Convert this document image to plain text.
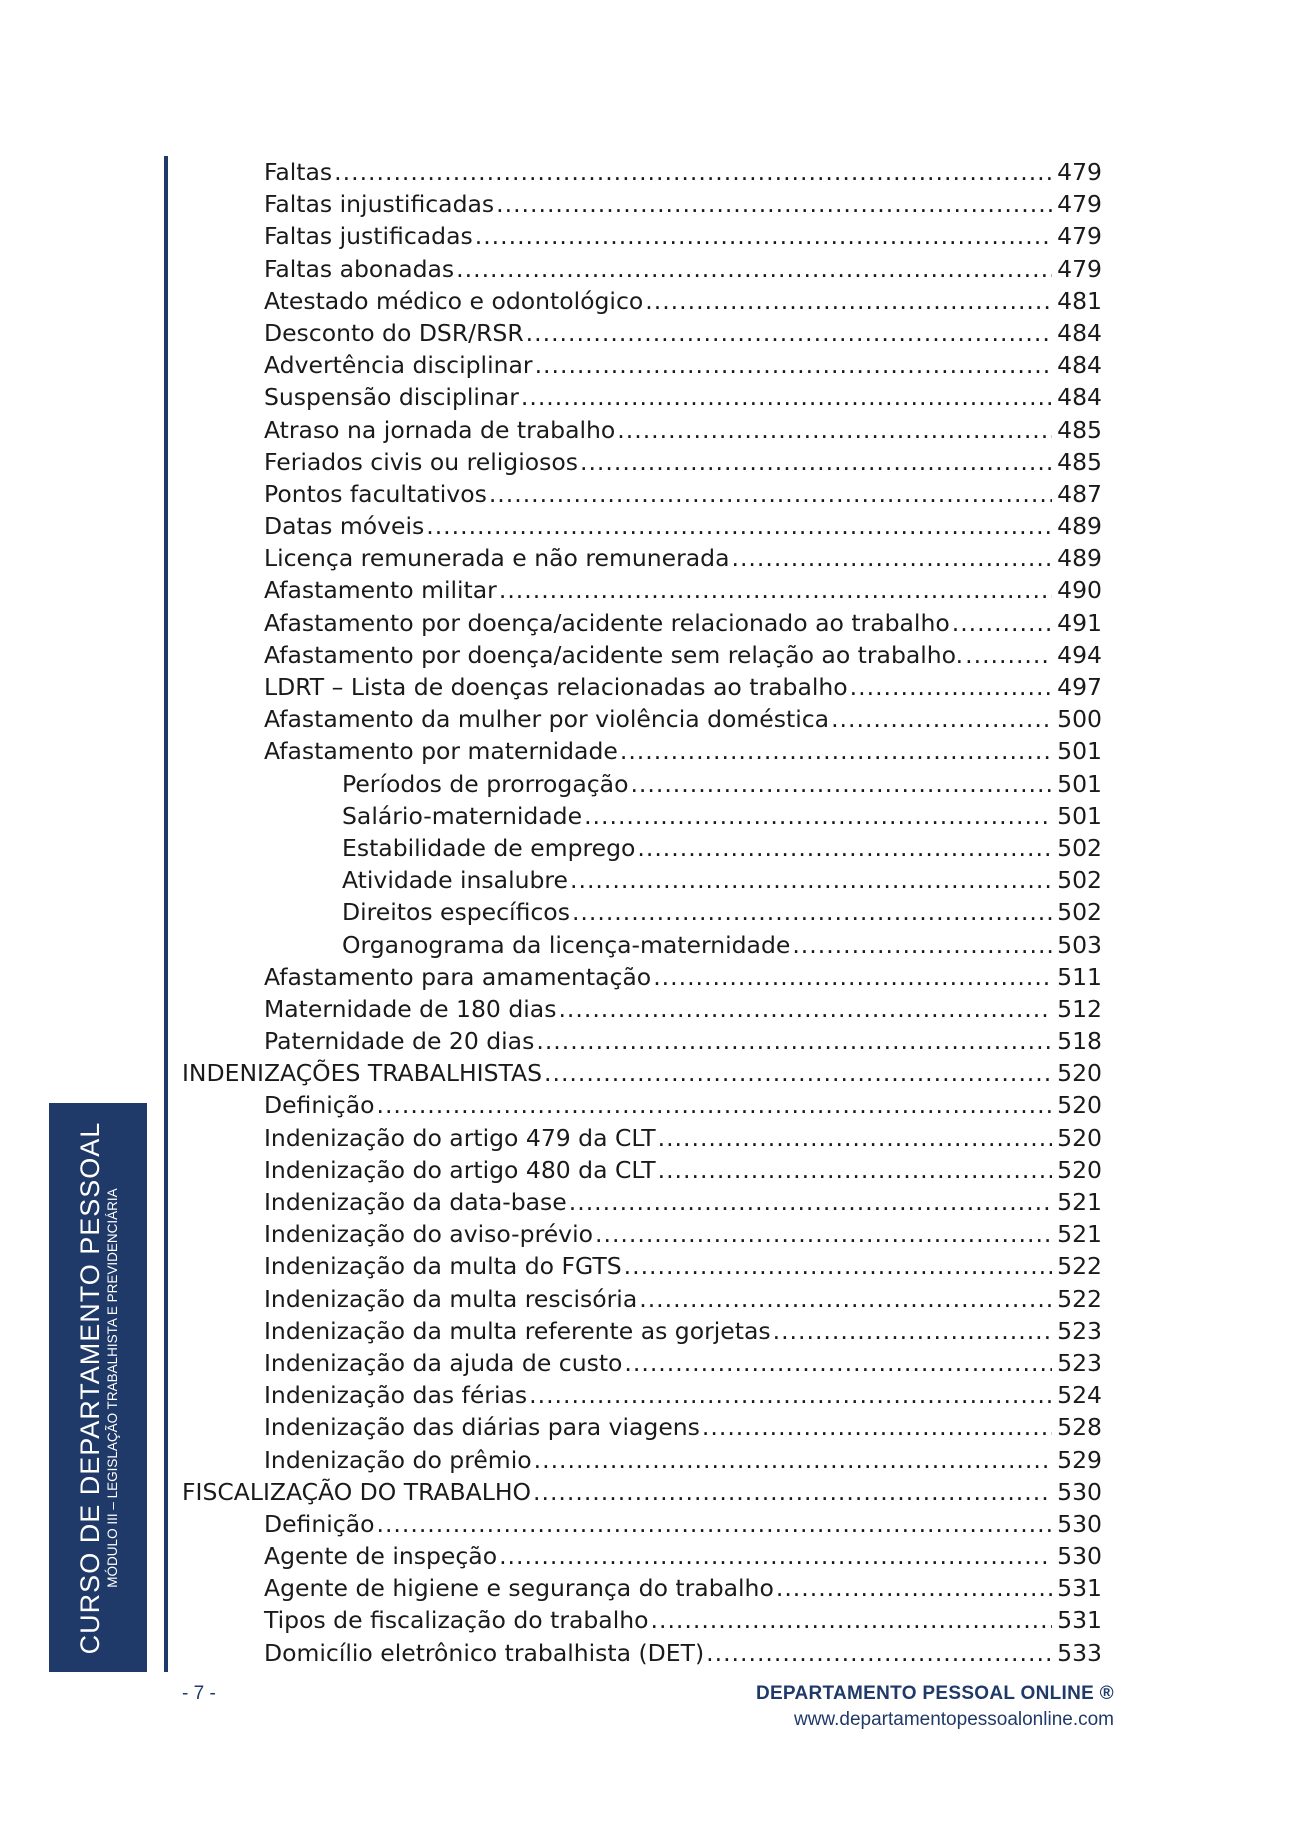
CURSO DE DEPARTAMENTO PESSOAL MÓDULO III – LEGISLAÇÃO TRABALHISTA E PREVIDENCIÁRIA
Faltas .....	479
Faltas injustificadas .....	479
Faltas justificadas .....	479
Faltas abonadas .....	479
Atestado médico e odontológico .....	481
Desconto do DSR/RSR .....	484
Advertência disciplinar .....	484
Suspensão disciplinar .....	484
Atraso na jornada de trabalho .....	485
Feriados civis ou religiosos .....	485
Pontos facultativos .....	487
Datas móveis .....	489
Licença remunerada e não remunerada .....	489
Afastamento militar .....	490
Afastamento por doença/acidente relacionado ao trabalho .....	491
Afastamento por doença/acidente sem relação ao trabalho. .....	494
LDRT – Lista de doenças relacionadas ao trabalho .....	497
Afastamento da mulher por violência doméstica .....	500
Afastamento por maternidade .....	501
Períodos de prorrogação .....	501
Salário-maternidade .....	501
Estabilidade de emprego .....	502
Atividade insalubre .....	502
Direitos específicos .....	502
Organograma da licença-maternidade .....	503
Afastamento para amamentação .....	511
Maternidade de 180 dias .....	512
Paternidade de 20 dias .....	518
INDENIZAÇÕES TRABALHISTAS .....	520
Definição .....	520
Indenização do artigo 479 da CLT .....	520
Indenização do artigo 480 da CLT .....	520
Indenização da data-base .....	521
Indenização do aviso-prévio .....	521
Indenização da multa do FGTS .....	522
Indenização da multa rescisória .....	522
Indenização da multa referente as gorjetas .....	523
Indenização da ajuda de custo .....	523
Indenização das férias .....	524
Indenização das diárias para viagens .....	528
Indenização do prêmio .....	529
FISCALIZAÇÃO DO TRABALHO .....	530
Definição .....	530
Agente de inspeção .....	530
Agente de higiene e segurança do trabalho .....	531
Tipos de fiscalização do trabalho .....	531
Domicílio eletrônico trabalhista (DET) .....	533
- 7 -	DEPARTAMENTO PESSOAL ONLINE ®
www.departamentopessoalonline.com
